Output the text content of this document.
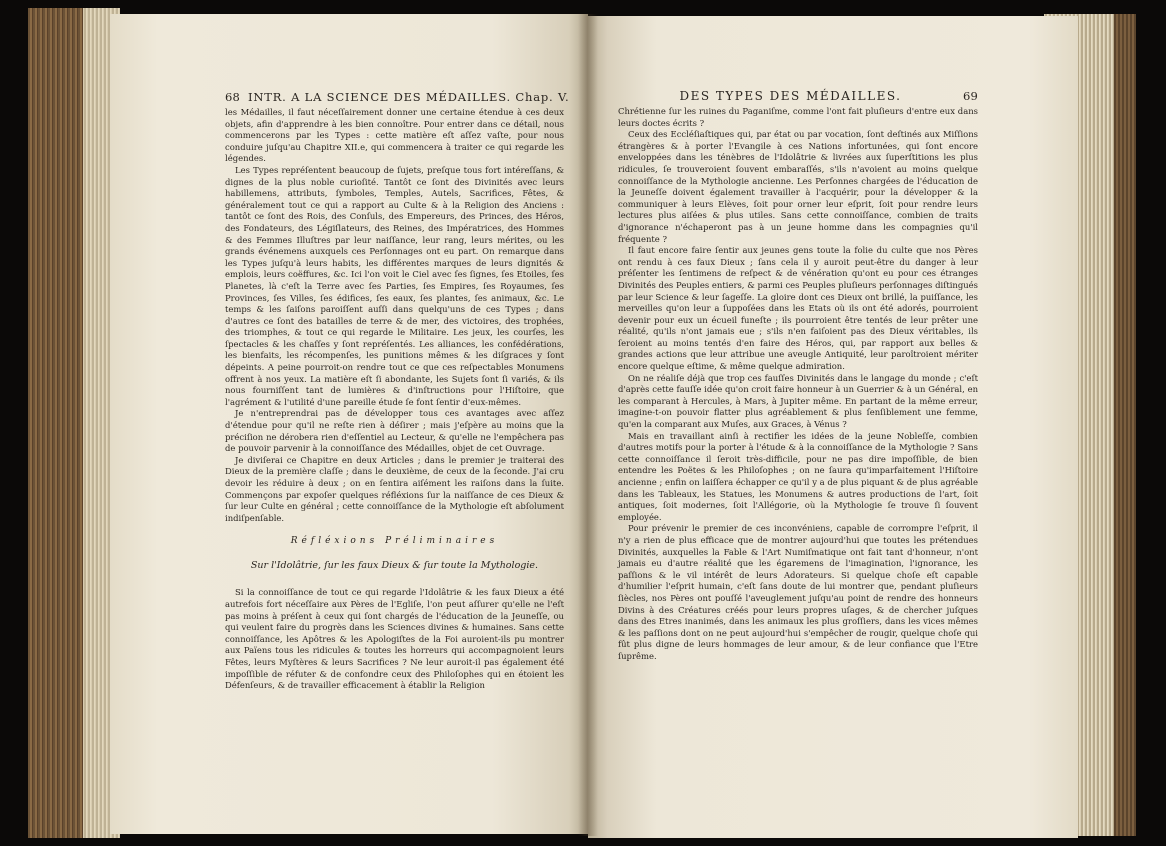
68 INTR. A LA SCIENCE DES MÉDAILLES. Chap. V.

les Médailles, il faut néceſſairement donner une certaine étendue à ces deux objets, afin d'apprendre à les bien connoître. Pour entrer dans ce détail, nous commencerons par les Types : cette matière eſt aſſez vaſte, pour nous conduire juſqu'au Chapitre XII.e, qui commencera à traiter ce qui regarde les légendes.

Les Types repréſentent beaucoup de ſujets, preſque tous fort intéreſſans, & dignes de la plus noble curioſité. Tantôt ce ſont des Divinités avec leurs habillemens, attributs, ſymboles, Temples, Autels, Sacrifices, Fêtes, & généralement tout ce qui a rapport au Culte & à la Religion des Anciens : tantôt ce ſont des Rois, des Conſuls, des Empereurs, des Princes, des Héros, des Fondateurs, des Légiſlateurs, des Reines, des Impératrices, des Hommes & des Femmes Illuſtres par leur naiſſance, leur rang, leurs mérites, ou les grands événemens auxquels ces Perſonnages ont eu part. On remarque dans les Types juſqu'à leurs habits, les différentes marques de leurs dignités & emplois, leurs coëffures, &c. Ici l'on voit le Ciel avec ſes ſignes, ſes Etoiles, ſes Planetes, là c'eſt la Terre avec ſes Parties, ſes Empires, ſes Royaumes, ſes Provinces, ſes Villes, ſes édifices, ſes eaux, ſes plantes, ſes animaux, &c. Le temps & les ſaiſons paroiſſent auſſi dans quelqu'uns de ces Types ; dans d'autres ce ſont des batailles de terre & de mer, des victoires, des trophées, des triomphes, & tout ce qui regarde le Militaire. Les jeux, les courſes, les ſpectacles & les chaſſes y ſont repréſentés. Les alliances, les confédérations, les bienfaits, les récompenſes, les punitions mêmes & les diſgraces y ſont dépeints. A peine pourroit-on rendre tout ce que ces reſpectables Monumens offrent à nos yeux. La matière eſt ſi abondante, les Sujets ſont ſi variés, & ils nous fourniſſent tant de lumières & d'inſtructions pour l'Hiſtoire, que l'agrément & l'utilité d'une pareille étude ſe font ſentir d'eux-mêmes.

Je n'entreprendrai pas de développer tous ces avantages avec aſſez d'étendue pour qu'il ne reſte rien à déſirer ; mais j'eſpère au moins que la préciſion ne dérobera rien d'eſſentiel au Lecteur, & qu'elle ne l'empêchera pas de pouvoir parvenir à la connoiſſance des Médailles, objet de cet Ouvrage.

Je diviſerai ce Chapitre en deux Articles ; dans le premier je traiterai des Dieux de la première claſſe ; dans le deuxième, de ceux de la ſeconde. J'ai cru devoir les réduire à deux ; on en ſentira aiſément les raiſons dans la ſuite. Commençons par expoſer quelques réfléxions ſur la naiſſance de ces Dieux & ſur leur Culte en général ; cette connoiſſance de la Mythologie eſt abſolument indiſpenſable.

Réfléxions Préliminaires
Sur l'Idolâtrie, ſur les faux Dieux & ſur toute la Mythologie.

Si la connoiſſance de tout ce qui regarde l'Idolâtrie & les faux Dieux a été autrefois fort néceſſaire aux Pères de l'Egliſe, l'on peut aſſurer qu'elle ne l'eſt pas moins à préſent à ceux qui ſont chargés de l'éducation de la Jeuneſſe, ou qui veulent faire du progrès dans les Sciences divines & humaines. Sans cette connoiſſance, les Apôtres & les Apologiſtes de la Foi auroient-ils pu montrer aux Païens tous les ridicules & toutes les horreurs qui accompagnoient leurs Fêtes, leurs Myſtères & leurs Sacrifices ? Ne leur auroit-il pas également été impoſſible de réfuter & de confondre ceux des Philoſophes qui en étoient les Défenſeurs, & de travailler efficacement à établir la Religion

DES TYPES DES MÉDAILLES.	69

Chrétienne ſur les ruines du Paganiſme, comme l'ont fait pluſieurs d'entre eux dans leurs doctes écrits ?

Ceux des Eccléſiaſtiques qui, par état ou par vocation, ſont deſtinés aux Miſſions étrangères & à porter l'Evangile à ces Nations infortunées, qui ſont encore enveloppées dans les ténèbres de l'Idolâtrie & livrées aux ſuperſtitions les plus ridicules, ſe trouveroient ſouvent embaraſſés, s'ils n'avoient au moins quelque connoiſſance de la Mythologie ancienne. Les Perſonnes chargées de l'éducation de la Jeuneſſe doivent également travailler à l'acquérir, pour la développer & la communiquer à leurs Elèves, ſoit pour orner leur eſprit, ſoit pour rendre leurs lectures plus aiſées & plus utiles. Sans cette connoiſſance, combien de traits d'ignorance n'échaperont pas à un jeune homme dans les compagnies qu'il fréquente ?

Il faut encore faire ſentir aux jeunes gens toute la folie du culte que nos Pères ont rendu à ces faux Dieux ; ſans cela il y auroit peut-être du danger à leur préſenter les ſentimens de reſpect & de vénération qu'ont eu pour ces étranges Divinités des Peuples entiers, & parmi ces Peuples pluſieurs perſonnages diſtingués par leur Science & leur ſageſſe. La gloire dont ces Dieux ont brillé, la puiſſance, les merveilles qu'on leur a ſuppoſées dans les Etats où ils ont été adorés, pourroient devenir pour eux un écueil funeſte ; ils pourroient être tentés de leur prêter une réalité, qu'ils n'ont jamais eue ; s'ils n'en faiſoient pas des Dieux véritables, ils ſeroient au moins tentés d'en faire des Héros, qui, par rapport aux belles & grandes actions que leur attribue une aveugle Antiquité, leur paroîtroient mériter encore quelque eſtime, & même quelque admiration.

On ne réaliſe déjà que trop ces fauſſes Divinités dans le langage du monde ; c'eſt d'après cette fauſſe idée qu'on croit faire honneur à un Guerrier & à un Général, en les comparant à Hercules, à Mars, à Jupiter même. En partant de la même erreur, imagine-t-on pouvoir flatter plus agréablement & plus ſenſiblement une femme, qu'en la comparant aux Muſes, aux Graces, à Vénus ?

Mais en travaillant ainſi à rectifier les idées de la jeune Nobleſſe, combien d'autres motifs pour la porter à l'étude & à la connoiſſance de la Mythologie ? Sans cette connoiſſance il ſeroit très-difficile, pour ne pas dire impoſſible, de bien entendre les Poëtes & les Philoſophes ; on ne ſaura qu'imparfaitement l'Hiſtoire ancienne ; enfin on laiſſera échapper ce qu'il y a de plus piquant & de plus agréable dans les Tableaux, les Statues, les Monumens & autres productions de l'art, ſoit antiques, ſoit modernes, ſoit l'Allégorie, où la Mythologie ſe trouve ſi ſouvent employée.

Pour prévenir le premier de ces inconvéniens, capable de corrompre l'eſprit, il n'y a rien de plus efficace que de montrer aujourd'hui que toutes les prétendues Divinités, auxquelles la Fable & l'Art Numiſmatique ont fait tant d'honneur, n'ont jamais eu d'autre réalité que les égaremens de l'imagination, l'ignorance, les paſſions & le vil intérêt de leurs Adorateurs. Si quelque choſe eſt capable d'humilier l'eſprit humain, c'eſt ſans doute de lui montrer que, pendant pluſieurs ſiècles, nos Pères ont pouſſé l'aveuglement juſqu'au point de rendre des honneurs Divins à des Créatures créés pour leurs propres uſages, & de chercher juſques dans des Etres inanimés, dans les animaux les plus groſſiers, dans les vices mêmes & les paſſions dont on ne peut aujourd'hui s'empêcher de rougir, quelque choſe qui fût plus digne de leurs hommages de leur amour, & de leur confiance que l'Etre ſuprême.
